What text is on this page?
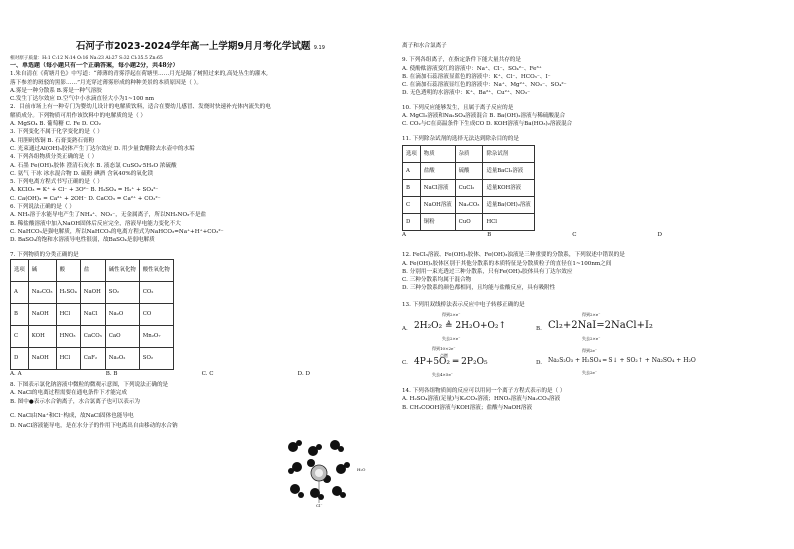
石河子市2023-2024学年高一上学期9月月考化学试题 9.19
相对原子质量：H:1 C:12 N:14 O:16 Na:23 Al:27 S:32 Cl:35.5 Zn:65
一、单选题（每小题只有一个正确答案，每小题2分，共48分）
1.朱自清在《荷塘月色》中写道：“薄薄的青雾浮起在荷塘里……月光是隔了树照过来的,高处丛生的灌木,
落下参差的斑驳的黑影……”月光穿过薄雾形成的种种美景的本质原因是（ ）。
A.雾是一种分散系 B.雾是一种气溶胶
C.发生丁达尔效应 D.空气中小水滴直径大小为1~100 nm
2．目前市场上有一种专门为婴幼儿设计的电解质饮料，适合在婴幼儿感冒、发烧时快速补充体内流失的电
解质成分。下列物质可用作该饮料中的电解质的是（ ）
A. MgSO₄ B. 葡萄糖 C. Fe D. CO₂
3. 下列变化不属于化学变化的是（ ）
A. 用胆矾炼铜 B. 石膏变熟石膏粉
C. 光束通过Al(OH)₃胶体产生丁达尔效应 D. 用少量食醋除去水壶中的水垢
4. 下列各组物质分类正确的是（ ）
A. 石墨 Fe(OH)₃胶体 澄清石灰水 B. 液态氯 CuSO₄·5H₂O 浓硫酸
C. 氨气 干冰 冰水混合物 D. 硫粉 碘酒 含氧40%的氧化镁
5. 下列电离方程式书写正确的是（ ）
A. KClO₃ = K⁺ + Cl⁻ + 3O²⁻ B. H₂SO₄ = H₂⁺ + SO₄²⁻
C. Ca(OH)₂ = Ca²⁺ + 2OH⁻ D. CaCO₃ = Ca²⁺ + CO₃²⁻
6. 下列说法正确的是（ ）
A. NH₃溶于水能导电产生了NH₄⁺、NO₃⁻，无金属离子，所以NH₃NO₃不是盐
B. 稀盐酸溶液中加入NaOH固体后反应完全，溶液导电能力变化不大
C. NaHCO₃是强电解质，所以NaHCO₃的电离方程式为NaHCO₃=Na⁺+H⁺+CO₃²⁻
D. BaSO₄的饱和水溶液导电性很弱，故BaSO₄是弱电解质
7. 下列物质的分类正确的是
选项	碱	酸	盐	碱性氧化物	酸性氧化物
A	Na₂CO₃	H₂SO₄	NaOH	SO₂	CO₂
B	NaOH	HCl	NaCl	Na₂O	CO
C	KOH	HNO₃	CaCO₃	CaO	Mn₂O₇
D	NaOH	HCl	CaF₂	Na₂O₂	SO₂
A. A	B. B	C. C	D. D
8. 下图表示氯化钠溶液中微粒的微观示意图，下列说法正确的是
A. NaCl的电离过程需要在通电条件下才能完成
B. 图中●表示水合钠离子，水合氯离子也可以表示为
C. NaCl由Na⁺和Cl⁻构成，故NaCl固体也能导电
D. NaCl溶液能导电，是在水分子的作用下电离出自由移动的水合钠
H₂O
Cl⁻
离子和水合氯离子
9. 下列各组离子，在指定条件下能大量共存的是
A. 使酚酞溶液变红的溶液中：Na⁺、Cl⁻、SO₄²⁻、Fe³⁺
B. 在滴加石蕊溶液显蓝色的溶液中：K⁺、Cl⁻、HCO₃⁻、I⁻
C. 在滴加石蕊溶液显红色的溶液中：Na⁺、Mg²⁺、NO₃⁻、SO₄²⁻
D. 无色透明的水溶液中：K⁺、Ba²⁺、Cu²⁺、NO₃⁻
10. 下列反应能够发生，且属于离子反应的是
A. MgCl₂溶液和Na₂SO₄溶液混合 B. Ba(OH)₂溶液与稀硫酸混合
C. CO₂与C在高温条件下生成CO D. KOH溶液与Ba(HO₃)₂溶液混合
11. 下列除杂试剂的选择无法达到除杂目的的是
选项	物质	杂质	除杂试剂
A	盐酸	硫酸	适量BaCl₂溶液
B	NaCl溶液	CuCl₂	适量KOH溶液
C	NaOH溶液	Na₂CO₃	适量Ba(OH)₂溶液
D	铜粉	CuO	HCl
A	B	C	D
12. FeCl₃溶液、Fe(OH)₃胶体、Fe(OH)₃浊液是三种重要的分散系，下列叙述中错误的是
A. Fe(OH)₃胶体区别于其他分散系的本质特征是分散质粒子的直径在1~100nm之间
B. 分别用一束光透过三种分散系，只有Fe(OH)₃胶体具有丁达尔效应
C. 三种分散系均属于混合物
D. 三种分散系的颜色都相同，且均能与盐酸反应，具有吸附性
13. 下列用双线桥法表示反应中电子转移正确的是
A.
得到2×e⁻
2H₂O₂ ≜ 2H₂O+O₂↑
失去2×e⁻
B.
得到2×e⁻
Cl₂+2NaI=2NaCl+I₂
失去2×e⁻
C.
得到10×2e⁻
点燃
4P+5O₂ ═ 2P₂O₅
失去4×5e⁻
D.
得到2e⁻
Na₂S₂O₃ + H₂SO₄ ═ S↓ + SO₂↑ + Na₂SO₄ + H₂O
失去2e⁻
14. 下列各组物质间的反应可以用同一个离子方程式表示的是（ ）
A. H₂SO₄溶液(足量)与K₂CO₃溶液；HNO₃溶液与Na₂CO₃溶液
B. CH₃COOH溶液与KOH溶液；盐酸与NaOH溶液
